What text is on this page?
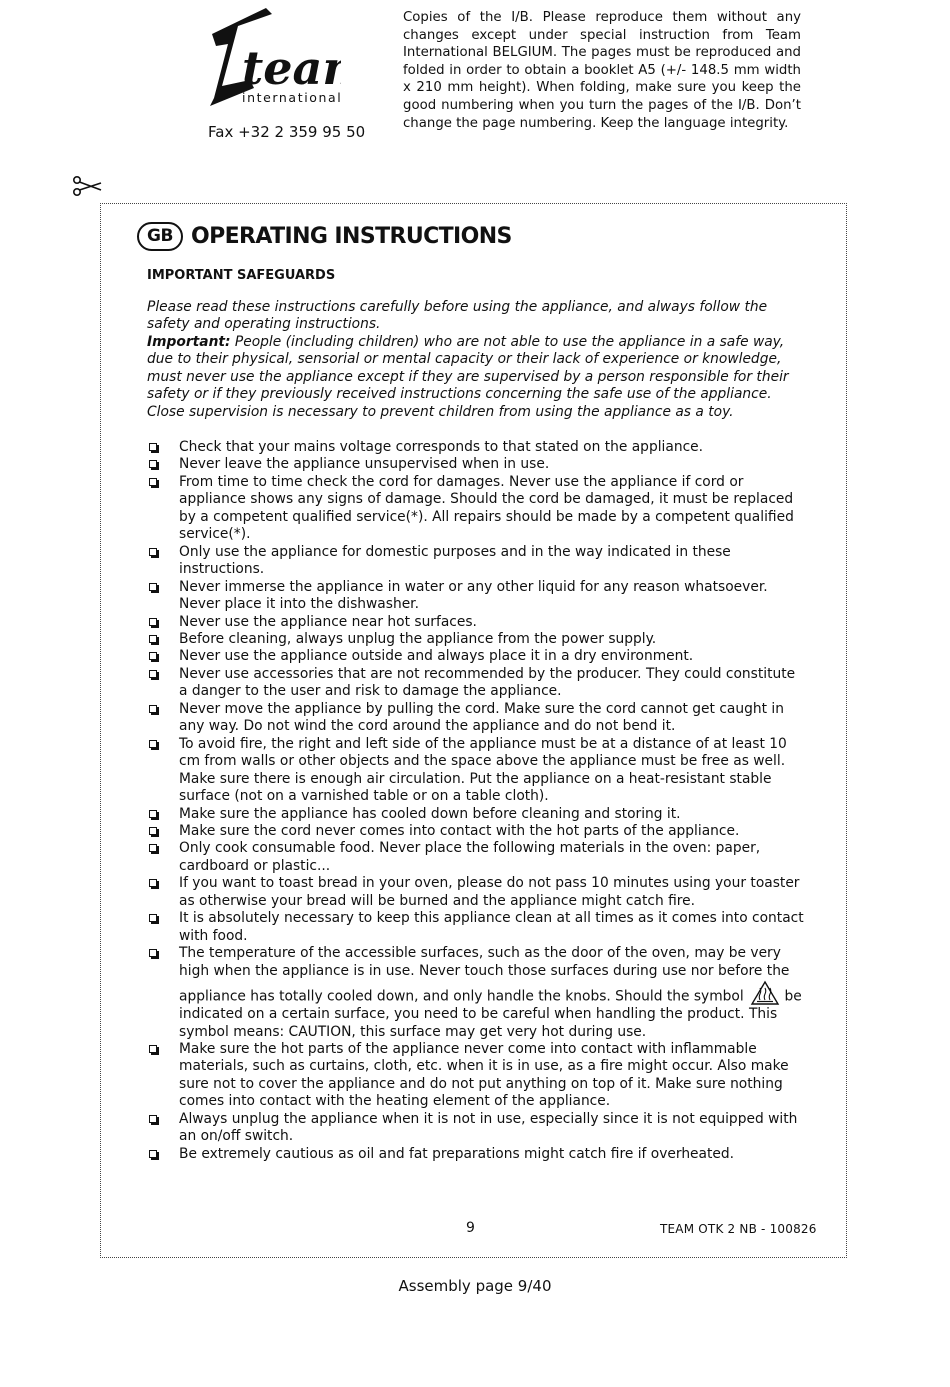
tea
international
Fax +32 2 359 95 50
Copies of the I/B. Please reproduce them without any changes except under special instruction from Team International BELGIUM. The pages must be reproduced and folded in order to obtain a booklet A5 (+/- 148.5 mm width x 210 mm height). When folding, make sure you keep the good numbering when you turn the pages of the I/B. Don’t change the page numbering. Keep the language integrity.
GB OPERATING INSTRUCTIONS
IMPORTANT SAFEGUARDS

Please read these instructions carefully before using the appliance, and always follow the safety and operating instructions.

Important: People (including children) who are not able to use the appliance in a safe way, due to their physical, sensorial or mental capacity or their lack of experience or knowledge, must never use the appliance except if they are supervised by a person responsible for their safety or if they previously received instructions concerning the safe use of the appliance. Close supervision is necessary to prevent children from using the appliance as a toy.

Check that your mains voltage corresponds to that stated on the appliance.
Never leave the appliance unsupervised when in use.
From time to time check the cord for damages. Never use the appliance if cord or appliance shows any signs of damage. Should the cord be damaged, it must be replaced by a competent qualified service(*). All repairs should be made by a competent qualified service(*).
Only use the appliance for domestic purposes and in the way indicated in these instructions.
Never immerse the appliance in water or any other liquid for any reason whatsoever. Never place it into the dishwasher.
Never use the appliance near hot surfaces.
Before cleaning, always unplug the appliance from the power supply.
Never use the appliance outside and always place it in a dry environment.
Never use accessories that are not recommended by the producer. They could constitute a danger to the user and risk to damage the appliance.
Never move the appliance by pulling the cord. Make sure the cord cannot get caught in any way. Do not wind the cord around the appliance and do not bend it.
To avoid fire, the right and left side of the appliance must be at a distance of at least 10 cm from walls or other objects and the space above the appliance must be free as well. Make sure there is enough air circulation. Put the appliance on a heat-resistant stable surface (not on a varnished table or on a table cloth).
Make sure the appliance has cooled down before cleaning and storing it.
Make sure the cord never comes into contact with the hot parts of the appliance.
Only cook consumable food. Never place the following materials in the oven: paper, cardboard or plastic...
If you want to toast bread in your oven, please do not pass 10 minutes using your toaster as otherwise your bread will be burned and the appliance might catch fire.
It is absolutely necessary to keep this appliance clean at all times as it comes into contact with food.
The temperature of the accessible surfaces, such as the door of the oven, may be very high when the appliance is in use. Never touch those surfaces during use nor before the appliance has totally cooled down, and only handle the knobs. Should the symbol	be indicated on a certain surface, you need to be careful when handling the product. This symbol means: CAUTION, this surface may get very hot during use.
Make sure the hot parts of the appliance never come into contact with inflammable materials, such as curtains, cloth, etc. when it is in use, as a fire might occur. Also make sure not to cover the appliance and do not put anything on top of it. Make sure nothing comes into contact with the heating element of the appliance.
Always unplug the appliance when it is not in use, especially since it is not equipped with an on/off switch.
Be extremely cautious as oil and fat preparations might catch fire if overheated.
9	TEAM OTK 2 NB - 100826
Assembly page 9/40
